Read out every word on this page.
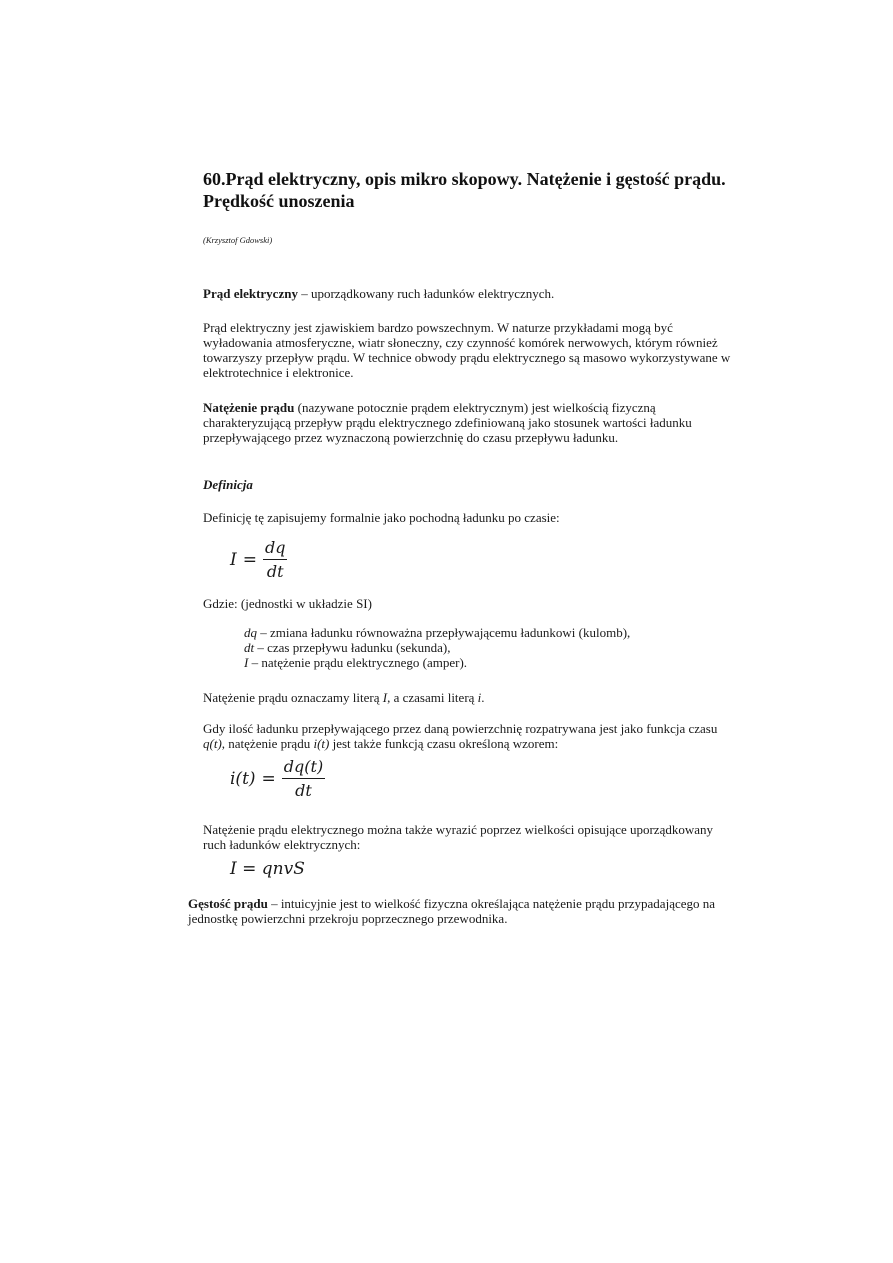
60.Prąd elektryczny, opis mikro skopowy. Natężenie i gęstość prądu. Prędkość unoszenia
(Krzysztof Gdowski)

Prąd elektryczny – uporządkowany ruch ładunków elektrycznych.

Prąd elektryczny jest zjawiskiem bardzo powszechnym. W naturze przykładami mogą być wyładowania atmosferyczne, wiatr słoneczny, czy czynność komórek nerwowych, którym również towarzyszy przepływ prądu. W technice obwody prądu elektrycznego są masowo wykorzystywane w elektrotechnice i elektronice.

Natężenie prądu (nazywane potocznie prądem elektrycznym) jest wielkością fizyczną charakteryzującą przepływ prądu elektrycznego zdefiniowaną jako stosunek wartości ładunku przepływającego przez wyznaczoną powierzchnię do czasu przepływu ładunku.

Definicja

Definicję tę zapisujemy formalnie jako pochodną ładunku po czasie:

$I = \frac{dq}{dt}$

Gdzie: (jednostki w układzie SI)

dq – zmiana ładunku równoważna przepływającemu ładunkowi (kulomb),
dt – czas przepływu ładunku (sekunda),
I – natężenie prądu elektrycznego (amper).

Natężenie prądu oznaczamy literą I, a czasami literą i.

Gdy ilość ładunku przepływającego przez daną powierzchnię rozpatrywana jest jako funkcja czasu q(t), natężenie prądu i(t) jest także funkcją czasu określoną wzorem:

$i(t) = \frac{dq(t)}{dt}$

Natężenie prądu elektrycznego można także wyrazić poprzez wielkości opisujące uporządkowany ruch ładunków elektrycznych:

I = qnvS

Gęstość prądu – intuicyjnie jest to wielkość fizyczna określająca natężenie prądu przypadającego na jednostkę powierzchni przekroju poprzecznego przewodnika.
